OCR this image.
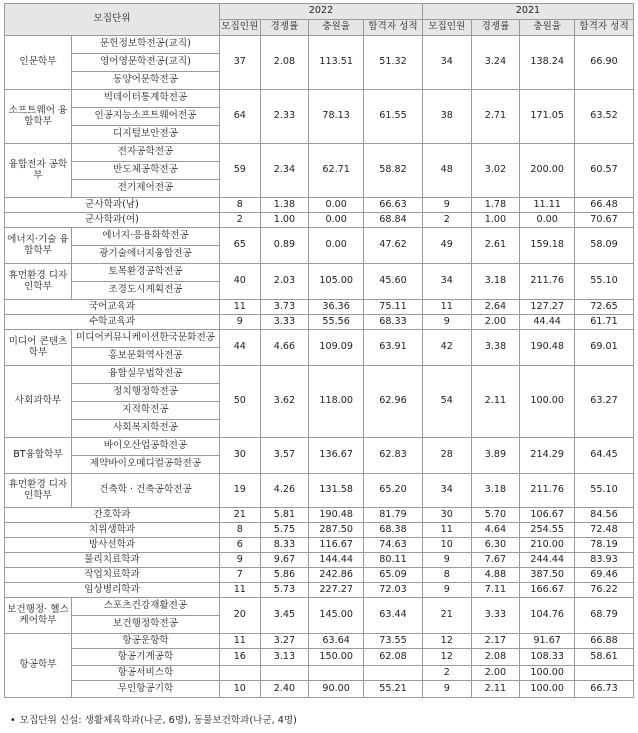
모집단위		2022				2021			
		모집인원	경쟁률	충원율	합격자 성적	모집인원	경쟁률	충원율	합격자 성적
인문학부	문헌정보학전공(교직)	37	2.08	113.51	51.32	34	3.24	138.24	66.90
	영어영문학전공(교직)								
	동양어문학전공								
소프트웨어 융합학부	빅데이터통계학전공	64	2.33	78.13	61.55	38	2.71	171.05	63.52
	인공지능소프트웨어전공								
	디지털보안전공								
융합전자 공학부	전자공학전공	59	2.34	62.71	58.82	48	3.02	200.00	60.57
	반도체공학전공								
	전기제어전공								
군사학과(남)		8	1.38	0.00	66.63	9	1.78	11.11	66.48
군사학과(여)		2	1.00	0.00	68.84	2	1.00	0.00	70.67
에너지·기술 융합학부	에너지·응용화학전공	65	0.89	0.00	47.62	49	2.61	159.18	58.09
	광기술에너지융합전공								
휴먼환경 디자인학부	토목환경공학전공	40	2.03	105.00	45.60	34	3.18	211.76	55.10
	조경도시계획전공								
국어교육과		11	3.73	36.36	75.11	11	2.64	127.27	72.65
수학교육과		9	3.33	55.56	68.33	9	2.00	44.44	61.71
미디어 콘텐츠학부	미디어커뮤니케이션한국문화전공	44	4.66	109.09	63.91	42	3.38	190.48	69.01
	홍보문화역사전공								
사회과학부	융합실무법학전공	50	3.62	118.00	62.96	54	2.11	100.00	63.27
	정치행정학전공								
	지적학전공								
	사회복지학전공								
BT융합학부	바이오산업공학전공	30	3.57	136.67	62.83	28	3.89	214.29	64.45
	제약바이오메디컬공학전공								
휴먼환경 디자인학부	건축학 · 건축공학전공	19	4.26	131.58	65.20	34	3.18	211.76	55.10
간호학과		21	5.81	190.48	81.79	30	5.70	106.67	84.56
치위생학과		8	5.75	287.50	68.38	11	4.64	254.55	72.48
방사선학과		6	8.33	116.67	74.63	10	6.30	210.00	78.19
물리치료학과		9	9.67	144.44	80.11	9	7.67	244.44	83.93
작업치료학과		7	5.86	242.86	65.09	8	4.88	387.50	69.46
임상병리학과		11	5.73	227.27	72.03	9	7.11	166.67	76.22
보건행정· 헬스케어학부	스포츠건강재활전공	20	3.45	145.00	63.44	21	3.33	104.76	68.79
	보건행정학전공								
항공학부	항공운항학	11	3.27	63.64	73.55	12	2.17	91.67	66.88
	항공기계공학	16	3.13	150.00	62.08	12	2.08	108.33	58.61
	항공서비스학					2	2.00	100.00	
	무인항공기학	10	2.40	90.00	55.21	9	2.11	100.00	66.73
• 모집단위 신설: 생활체육학과(나군, 6명), 동물보건학과(나군, 4명)
